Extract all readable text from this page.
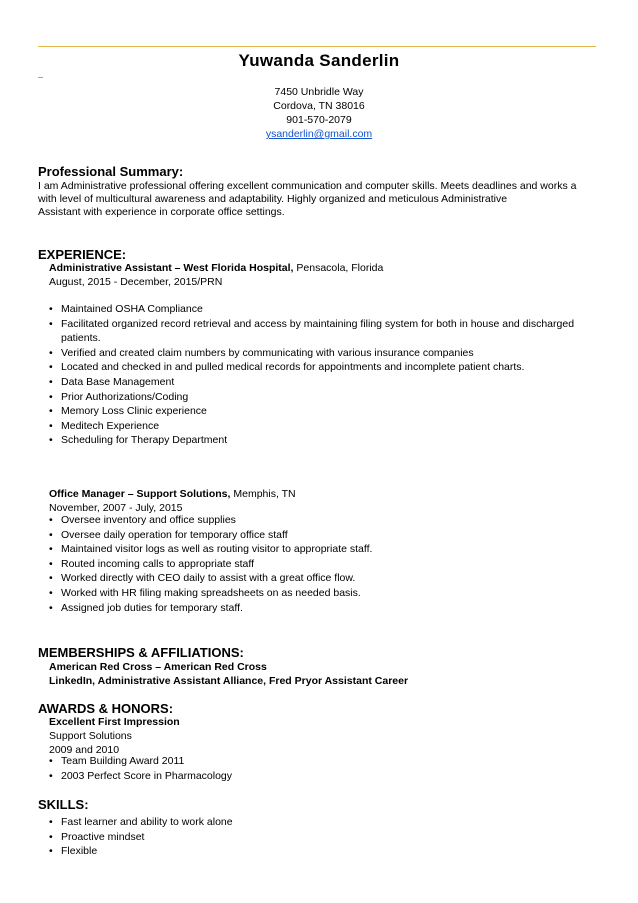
Yuwanda Sanderlin
7450 Unbridle Way
Cordova, TN 38016
901-570-2079
ysanderlin@gmail.com
Professional Summary:
I am Administrative professional offering excellent communication and computer skills. Meets deadlines and works a
with level of multicultural awareness and adaptability. Highly organized and meticulous Administrative
Assistant with experience in corporate office settings.
EXPERIENCE:
Administrative Assistant – West Florida Hospital, Pensacola, Florida
August, 2015 - December, 2015/PRN
• Maintained OSHA Compliance
• Facilitated organized record retrieval and access by maintaining filing system for both in house and discharged patients.
• Verified and created claim numbers by communicating with various insurance companies
• Located and checked in and pulled medical records for appointments and incomplete patient charts.
• Data Base Management
• Prior Authorizations/Coding
• Memory Loss Clinic experience
• Meditech Experience
• Scheduling for Therapy Department
Office Manager – Support Solutions, Memphis, TN
November, 2007 - July, 2015
• Oversee inventory and office supplies
• Oversee daily operation for temporary office staff
• Maintained visitor logs as well as routing visitor to appropriate staff.
• Routed incoming calls to appropriate staff
• Worked directly with CEO daily to assist with a great office flow.
• Worked with HR filing making spreadsheets on as needed basis.
• Assigned job duties for temporary staff.
MEMBERSHIPS & AFFILIATIONS:
American Red Cross – American Red Cross
LinkedIn, Administrative Assistant Alliance, Fred Pryor Assistant Career
AWARDS & HONORS:
Excellent First Impression
Support Solutions
2009 and 2010
• Team Building Award 2011
• 2003 Perfect Score in Pharmacology
SKILLS:
• Fast learner and ability to work alone
• Proactive mindset
• Flexible
